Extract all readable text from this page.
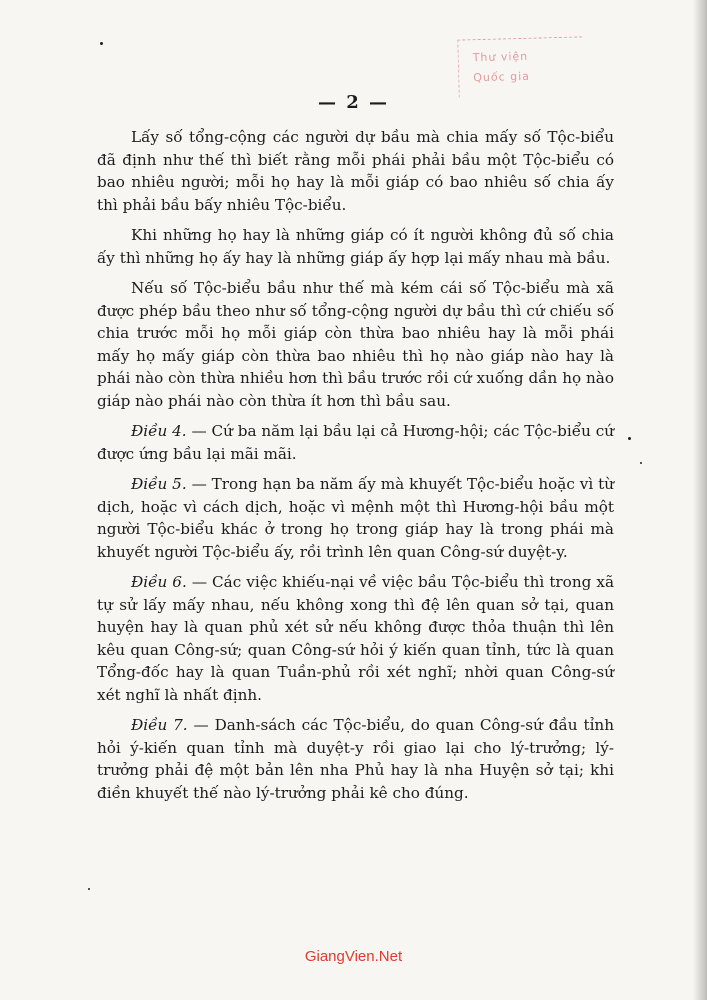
Thư viện
Quốc gia
— 2 —

Lấy số tổng-cộng các người dự bầu mà chia mấy số Tộc-biểu đã định như thế thì biết rằng mỗi phái phải bầu một Tộc-biểu có bao nhiêu người; mỗi họ hay là mỗi giáp có bao nhiêu số chia ấy thì phải bầu bấy nhiêu Tộc-biểu.

Khi những họ hay là những giáp có ít người không đủ số chia ấy thì những họ ấy hay là những giáp ấy hợp lại mấy nhau mà bầu.

Nếu số Tộc-biểu bầu như thế mà kém cái số Tộc-biểu mà xã được phép bầu theo như số tổng-cộng người dự bầu thì cứ chiếu số chia trước mỗi họ mỗi giáp còn thừa bao nhiêu hay là mỗi phái mấy họ mấy giáp còn thừa bao nhiêu thì họ nào giáp nào hay là phái nào còn thừa nhiều hơn thì bầu trước rồi cứ xuống dần họ nào giáp nào phái nào còn thừa ít hơn thì bầu sau.

Điều 4. — Cứ ba năm lại bầu lại cả Hương-hội; các Tộc-biểu cứ được ứng bầu lại mãi mãi.

Điều 5. — Trong hạn ba năm ấy mà khuyết Tộc-biểu hoặc vì từ dịch, hoặc vì cách dịch, hoặc vì mệnh một thì Hương-hội bầu một người Tộc-biểu khác ở trong họ trong giáp hay là trong phái mà khuyết người Tộc-biểu ấy, rồi trình lên quan Công-sứ duyệt-y.

Điều 6. — Các việc khiếu-nại về việc bầu Tộc-biểu thì trong xã tự sử lấy mấy nhau, nếu không xong thì đệ lên quan sở tại, quan huyện hay là quan phủ xét sử nếu không được thỏa thuận thì lên kêu quan Công-sứ; quan Công-sứ hỏi ý kiến quan tỉnh, tức là quan Tổng-đốc hay là quan Tuần-phủ rồi xét nghĩ; nhời quan Công-sứ xét nghĩ là nhất định.

Điều 7. — Danh-sách các Tộc-biểu, do quan Công-sứ đầu tỉnh hỏi ý-kiến quan tỉnh mà duyệt-y rồi giao lại cho lý-trưởng; lý-trưởng phải đệ một bản lên nha Phủ hay là nha Huyện sở tại; khi điền khuyết thế nào lý-trưởng phải kê cho đúng.

GiangVien.Net
